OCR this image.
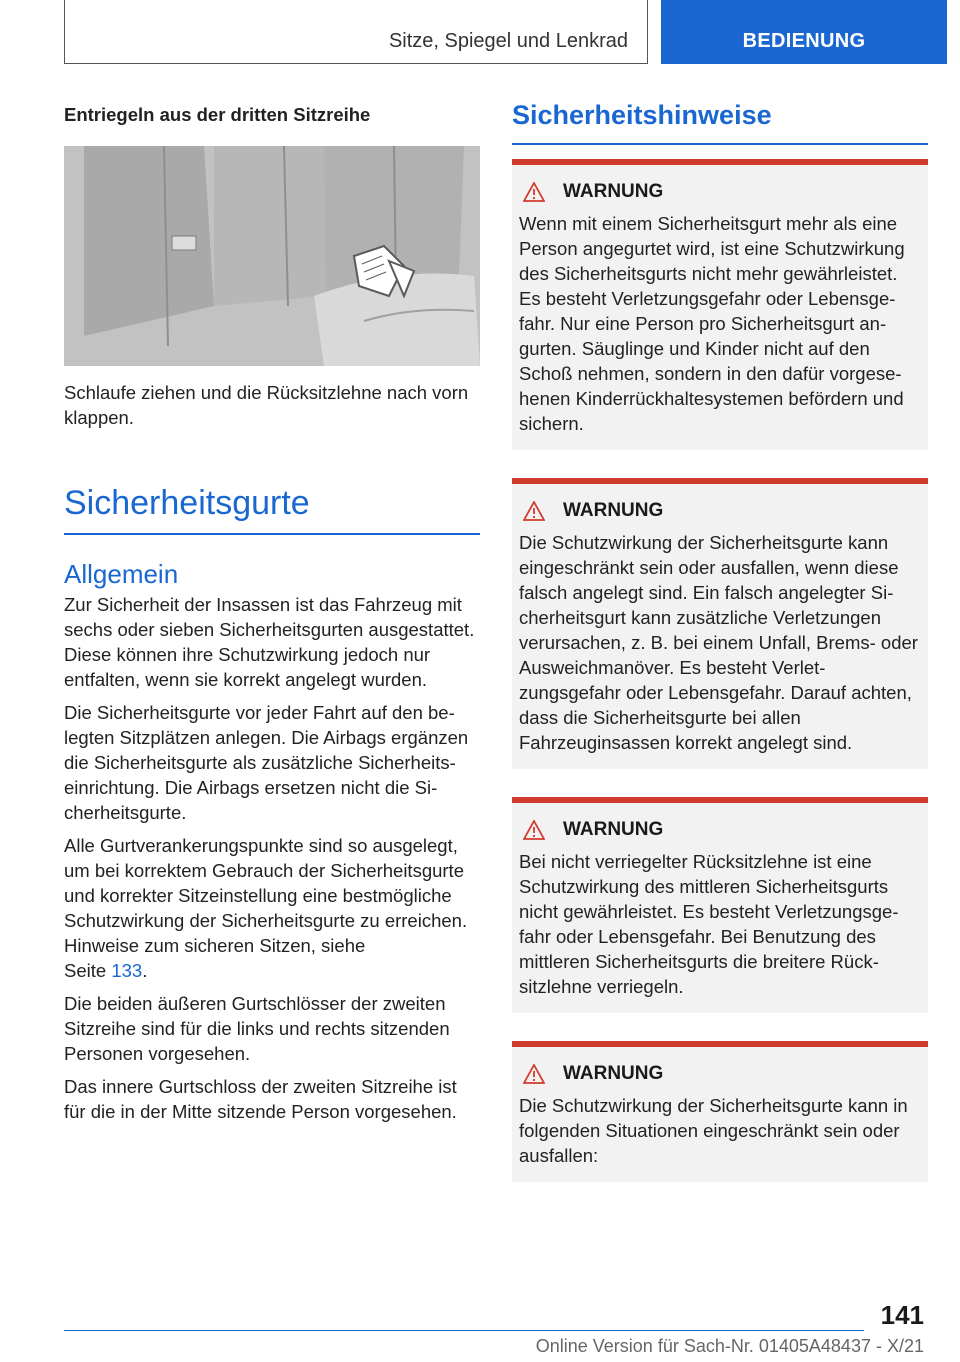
Sitze, Spiegel und Lenkrad	BEDIENUNG
Entriegeln aus der dritten Sitzreihe
Schlaufe ziehen und die Rücksitzlehne nach vorn klappen.
Sicherheitsgurte
Allgemein

Zur Sicherheit der Insassen ist das Fahrzeug mit sechs oder sieben Sicherheitsgurten ausgestattet. Diese können ihre Schutzwirkung jedoch nur entfalten, wenn sie korrekt angelegt wurden.

Die Sicherheitsgurte vor jeder Fahrt auf den belegten Sitzplätzen anlegen. Die Airbags ergänzen die Sicherheitsgurte als zusätzliche Sicherheitseinrichtung. Die Airbags ersetzen nicht die Sicherheitsgurte.

Alle Gurtverankerungspunkte sind so ausgelegt, um bei korrektem Gebrauch der Sicherheitsgurte und korrekter Sitzeinstellung eine bestmögliche Schutzwirkung der Sicherheitsgurte zu erreichen. Hinweise zum sicheren Sitzen, siehe
Seite 133.

Die beiden äußeren Gurtschlösser der zweiten Sitzreihe sind für die links und rechts sitzenden Personen vorgesehen.

Das innere Gurtschloss der zweiten Sitzreihe ist für die in der Mitte sitzende Person vorgesehen.

Sicherheitshinweise
WARNUNG
Wenn mit einem Sicherheitsgurt mehr als eine Person angegurtet wird, ist eine Schutzwirkung des Sicherheitsgurts nicht mehr gewährleistet. Es besteht Verletzungsgefahr oder Lebensgefahr. Nur eine Person pro Sicherheitsgurt angurten. Säuglinge und Kinder nicht auf den Schoß nehmen, sondern in den dafür vorgesehenen Kinderrückhaltesystemen befördern und sichern.
WARNUNG
Die Schutzwirkung der Sicherheitsgurte kann eingeschränkt sein oder ausfallen, wenn diese falsch angelegt sind. Ein falsch angelegter Sicherheitsgurt kann zusätzliche Verletzungen verursachen, z. B. bei einem Unfall, Brems- oder Ausweichmanöver. Es besteht Verletzungsgefahr oder Lebensgefahr. Darauf achten, dass die Sicherheitsgurte bei allen Fahrzeuginsassen korrekt angelegt sind.
WARNUNG
Bei nicht verriegelter Rücksitzlehne ist eine Schutzwirkung des mittleren Sicherheitsgurts nicht gewährleistet. Es besteht Verletzungsgefahr oder Lebensgefahr. Bei Benutzung des mittleren Sicherheitsgurts die breitere Rücksitzlehne verriegeln.
WARNUNG
Die Schutzwirkung der Sicherheitsgurte kann in folgenden Situationen eingeschränkt sein oder ausfallen:
141
Online Version für Sach-Nr. 01405A48437 - X/21
